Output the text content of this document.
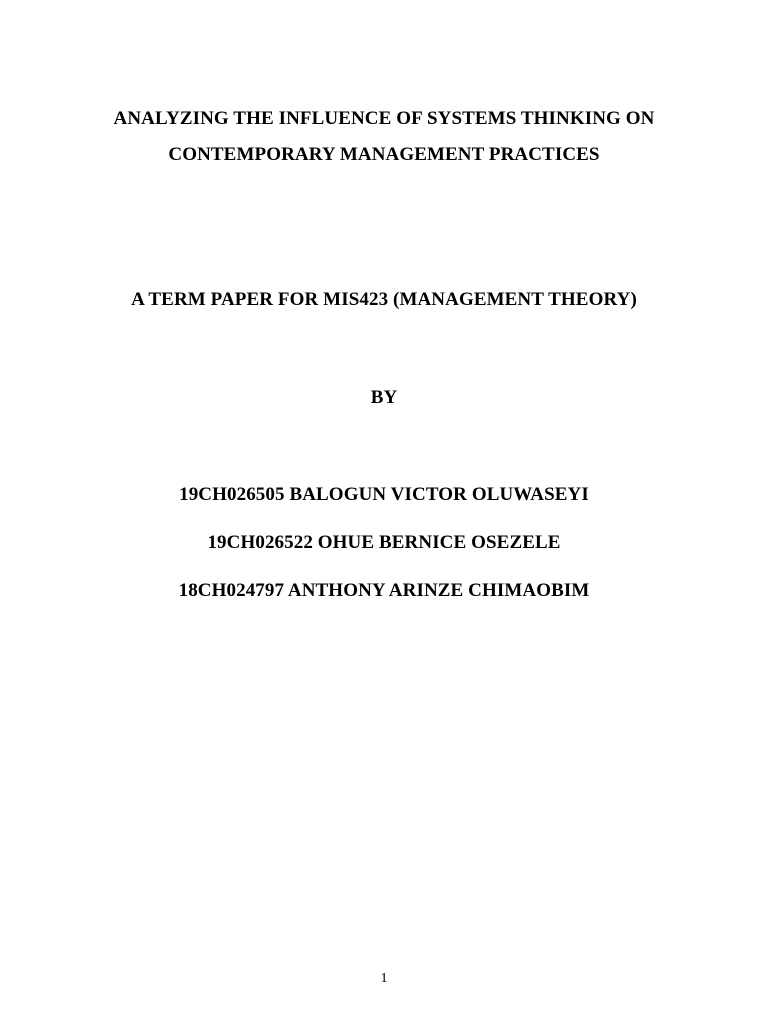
ANALYZING THE INFLUENCE OF SYSTEMS THINKING ON
CONTEMPORARY MANAGEMENT PRACTICES
A TERM PAPER FOR MIS423 (MANAGEMENT THEORY)
BY
19CH026505 BALOGUN VICTOR OLUWASEYI
19CH026522 OHUE BERNICE OSEZELE
18CH024797 ANTHONY ARINZE CHIMAOBIM
1
